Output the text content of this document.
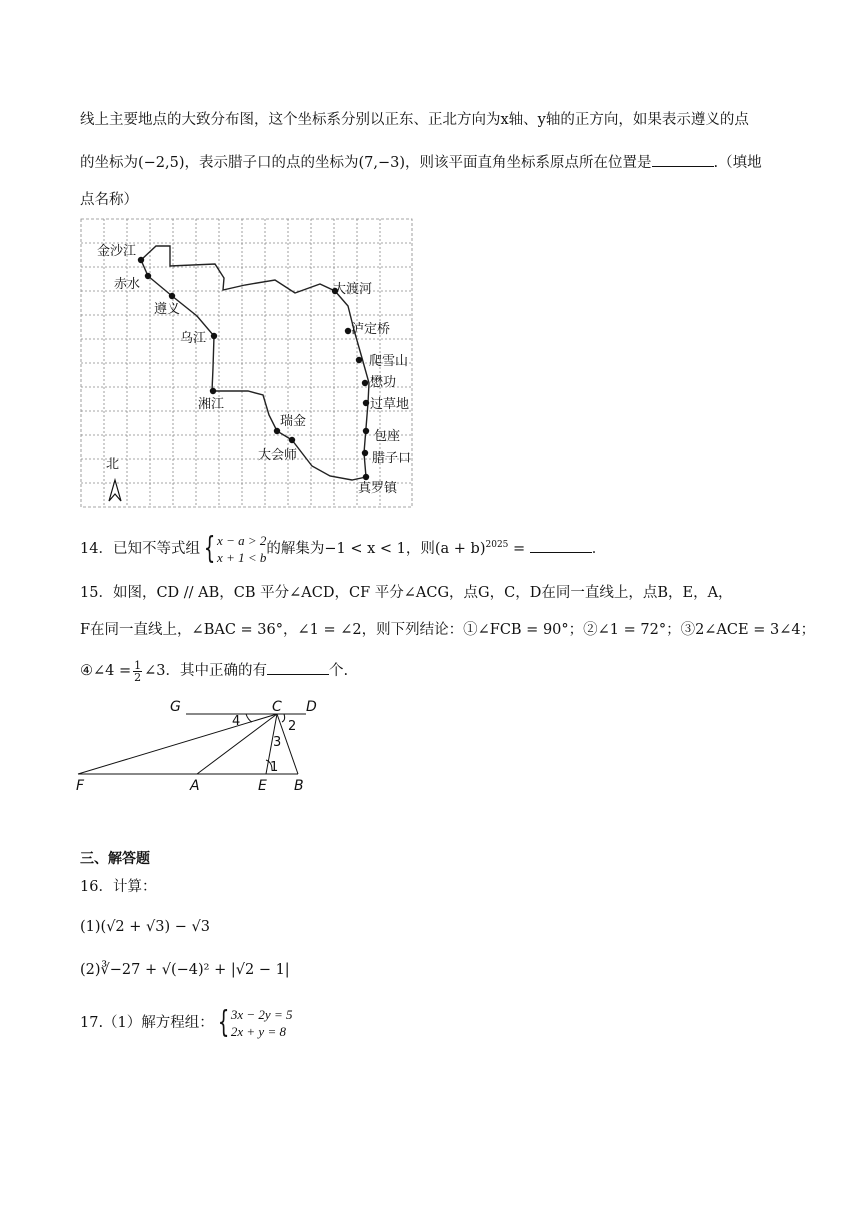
线上主要地点的大致分布图，这个坐标系分别以正东、正北方向为x轴、y轴的正方向，如果表示遵义的点
的坐标为(−2,5)，表示腊子口的点的坐标为(7,−3)，则该平面直角坐标系原点所在位置是	.（填地
点名称）
金沙江
赤水
遵义
乌江
湘江
瑞金
大会师
大渡河
泸定桥
爬雪山
懋功
过草地
包座
腊子口
真罗镇
北
14．已知不等式组 { x − a > 2
x + 1 < b
的解集为−1 < x < 1，则$(a + b)^{2025}$ =	．
15．如图，CD // AB，CB 平分∠ACD，CF 平分∠ACG，点G，C，D在同一直线上，点B，E，A，
F在同一直线上，∠BAC = 36°，∠1 = ∠2，则下列结论：①∠FCB = 90°；②∠1 = 72°；③2∠ACE = 3∠4；
④∠4 = $\frac{1}{2}$ ∠3．其中正确的有	个.
G	C D
F	A	E B
4	2
3
1
三、解答题
16．计算：
(1)(√2 + √3) − √3
(2)∛−27 + √(−4)² + |√2 − 1|
17.（1）解方程组： { 3x − 2y = 5
2x + y = 8
